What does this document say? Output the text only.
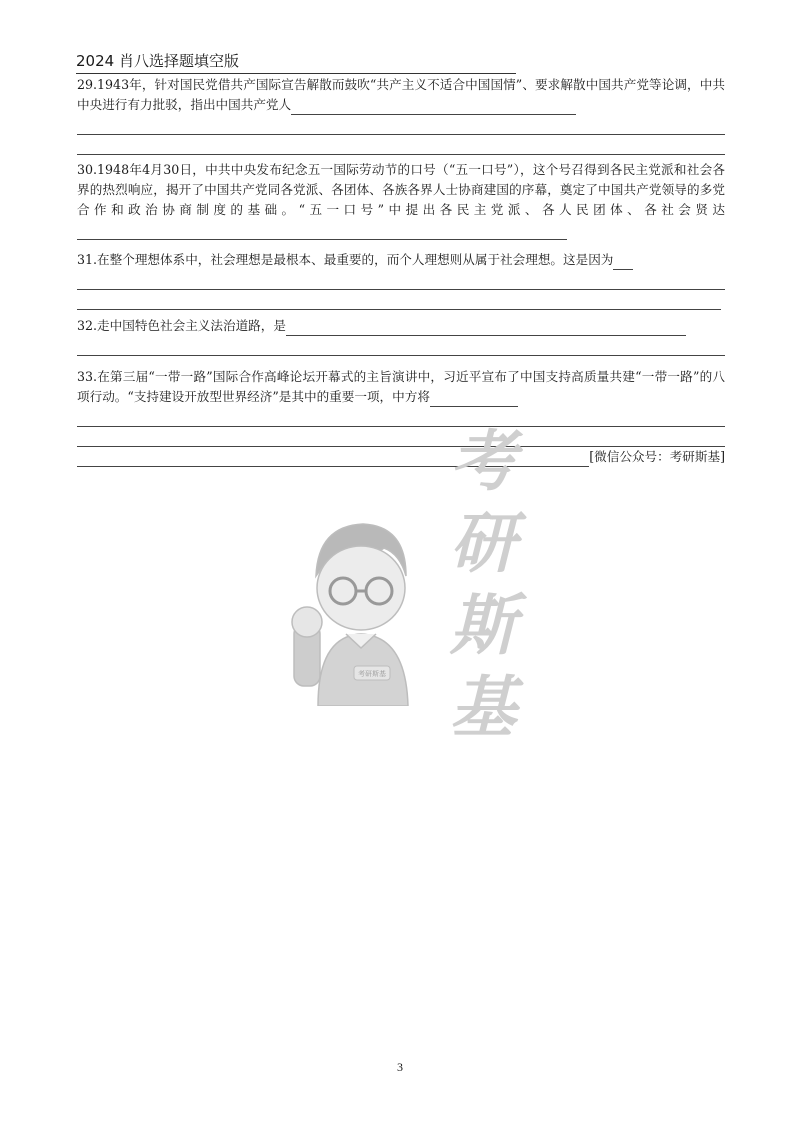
2024 肖八选择题填空版

29.1943年，针对国民党借共产国际宣告解散而鼓吹“共产主义不适合中国国情”、要求解散中国共产党等论调，中共中央进行有力批驳，指出中国共产党人

30.1948年4月30日，中共中央发布纪念五一国际劳动节的口号（“五一口号”），这个号召得到各民主党派和社会各界的热烈响应，揭开了中国共产党同各党派、各团体、各族各界人士协商建国的序幕，奠定了中国共产党领导的多党合作和政治协商制度的基础。“五一口号”中提出各民主党派、各人民团体、各社会贤达

31.在整个理想体系中，社会理想是最根本、最重要的，而个人理想则从属于社会理想。这是因为

32.走中国特色社会主义法治道路，是

33.在第三届“一带一路”国际合作高峰论坛开幕式的主旨演讲中，习近平宣布了中国支持高质量共建“一带一路”的八项行动。“支持建设开放型世界经济”是其中的重要一项，中方将

[微信公众号：考研斯基]
考
研
斯
基
考研斯基
3
